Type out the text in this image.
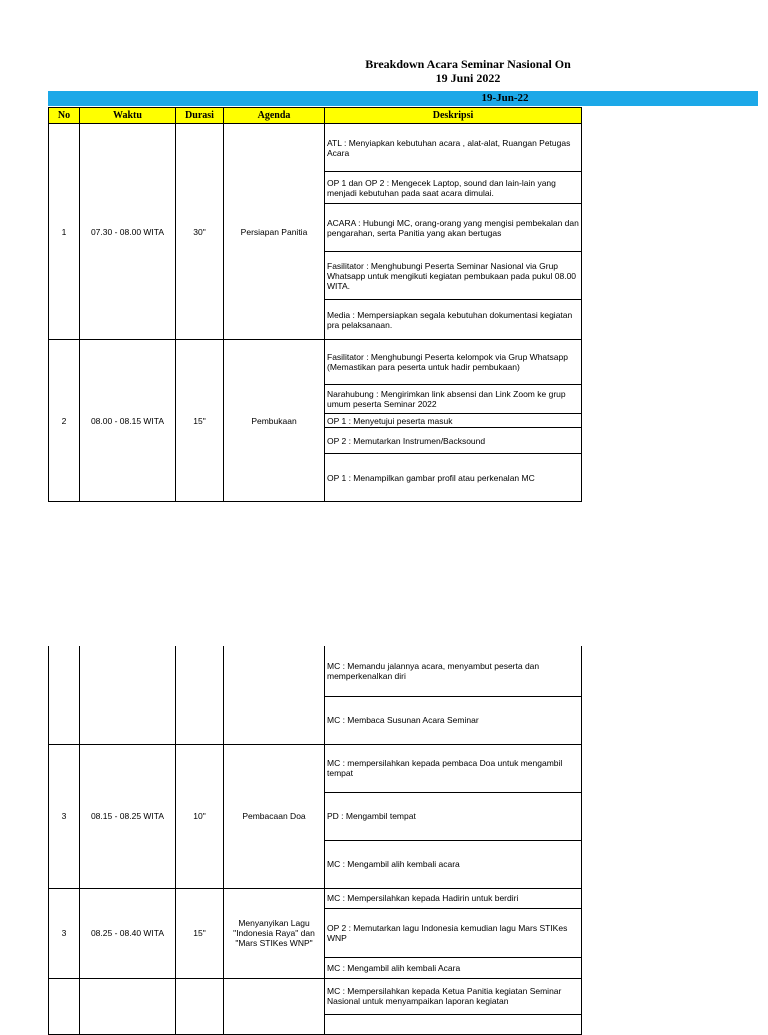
Breakdown Acara Seminar Nasional On
19 Juni 2022
19-Jun-22
No	Waktu	Durasi	Agenda	Deskripsi
1	07.30 - 08.00 WITA	30"	Persiapan Panitia	ATL : Menyiapkan kebutuhan acara , alat-alat, Ruangan Petugas Acara
				OP 1 dan OP 2 : Mengecek Laptop, sound dan lain-lain yang menjadi kebutuhan pada saat acara dimulai.
				ACARA : Hubungi MC, orang-orang yang mengisi pembekalan dan pengarahan, serta Panitia yang akan bertugas
				Fasilitator : Menghubungi Peserta Seminar Nasional via Grup Whatsapp untuk mengikuti kegiatan pembukaan pada pukul 08.00 WITA.
				Media : Mempersiapkan segala kebutuhan dokumentasi kegiatan pra pelaksanaan.
2	08.00 - 08.15 WITA	15"	Pembukaan	Fasilitator : Menghubungi Peserta kelompok via Grup Whatsapp (Memastikan para peserta untuk hadir pembukaan)
				Narahubung : Mengirimkan link absensi dan Link Zoom ke grup umum peserta Seminar 2022
				OP 1 : Menyetujui peserta masuk
				OP 2 : Memutarkan Instrumen/Backsound
				OP 1 : Menampilkan gambar profil atau perkenalan MC
				MC : Memandu jalannya acara, menyambut peserta dan memperkenalkan diri
				MC : Membaca Susunan Acara Seminar
3	08.15 - 08.25 WITA	10"	Pembacaan Doa	MC : mempersilahkan kepada pembaca Doa untuk mengambil tempat
				PD : Mengambil tempat
				MC : Mengambil alih kembali acara
3	08.25 - 08.40 WITA	15"	Menyanyikan Lagu "Indonesia Raya" dan "Mars STIKes WNP"	MC : Mempersilahkan kepada Hadirin untuk berdiri
				OP 2 : Memutarkan lagu Indonesia kemudian lagu Mars STIKes WNP
				MC : Mengambil alih kembali Acara
				MC : Mempersilahkan kepada Ketua Panitia kegiatan Seminar Nasional untuk menyampaikan laporan kegiatan
